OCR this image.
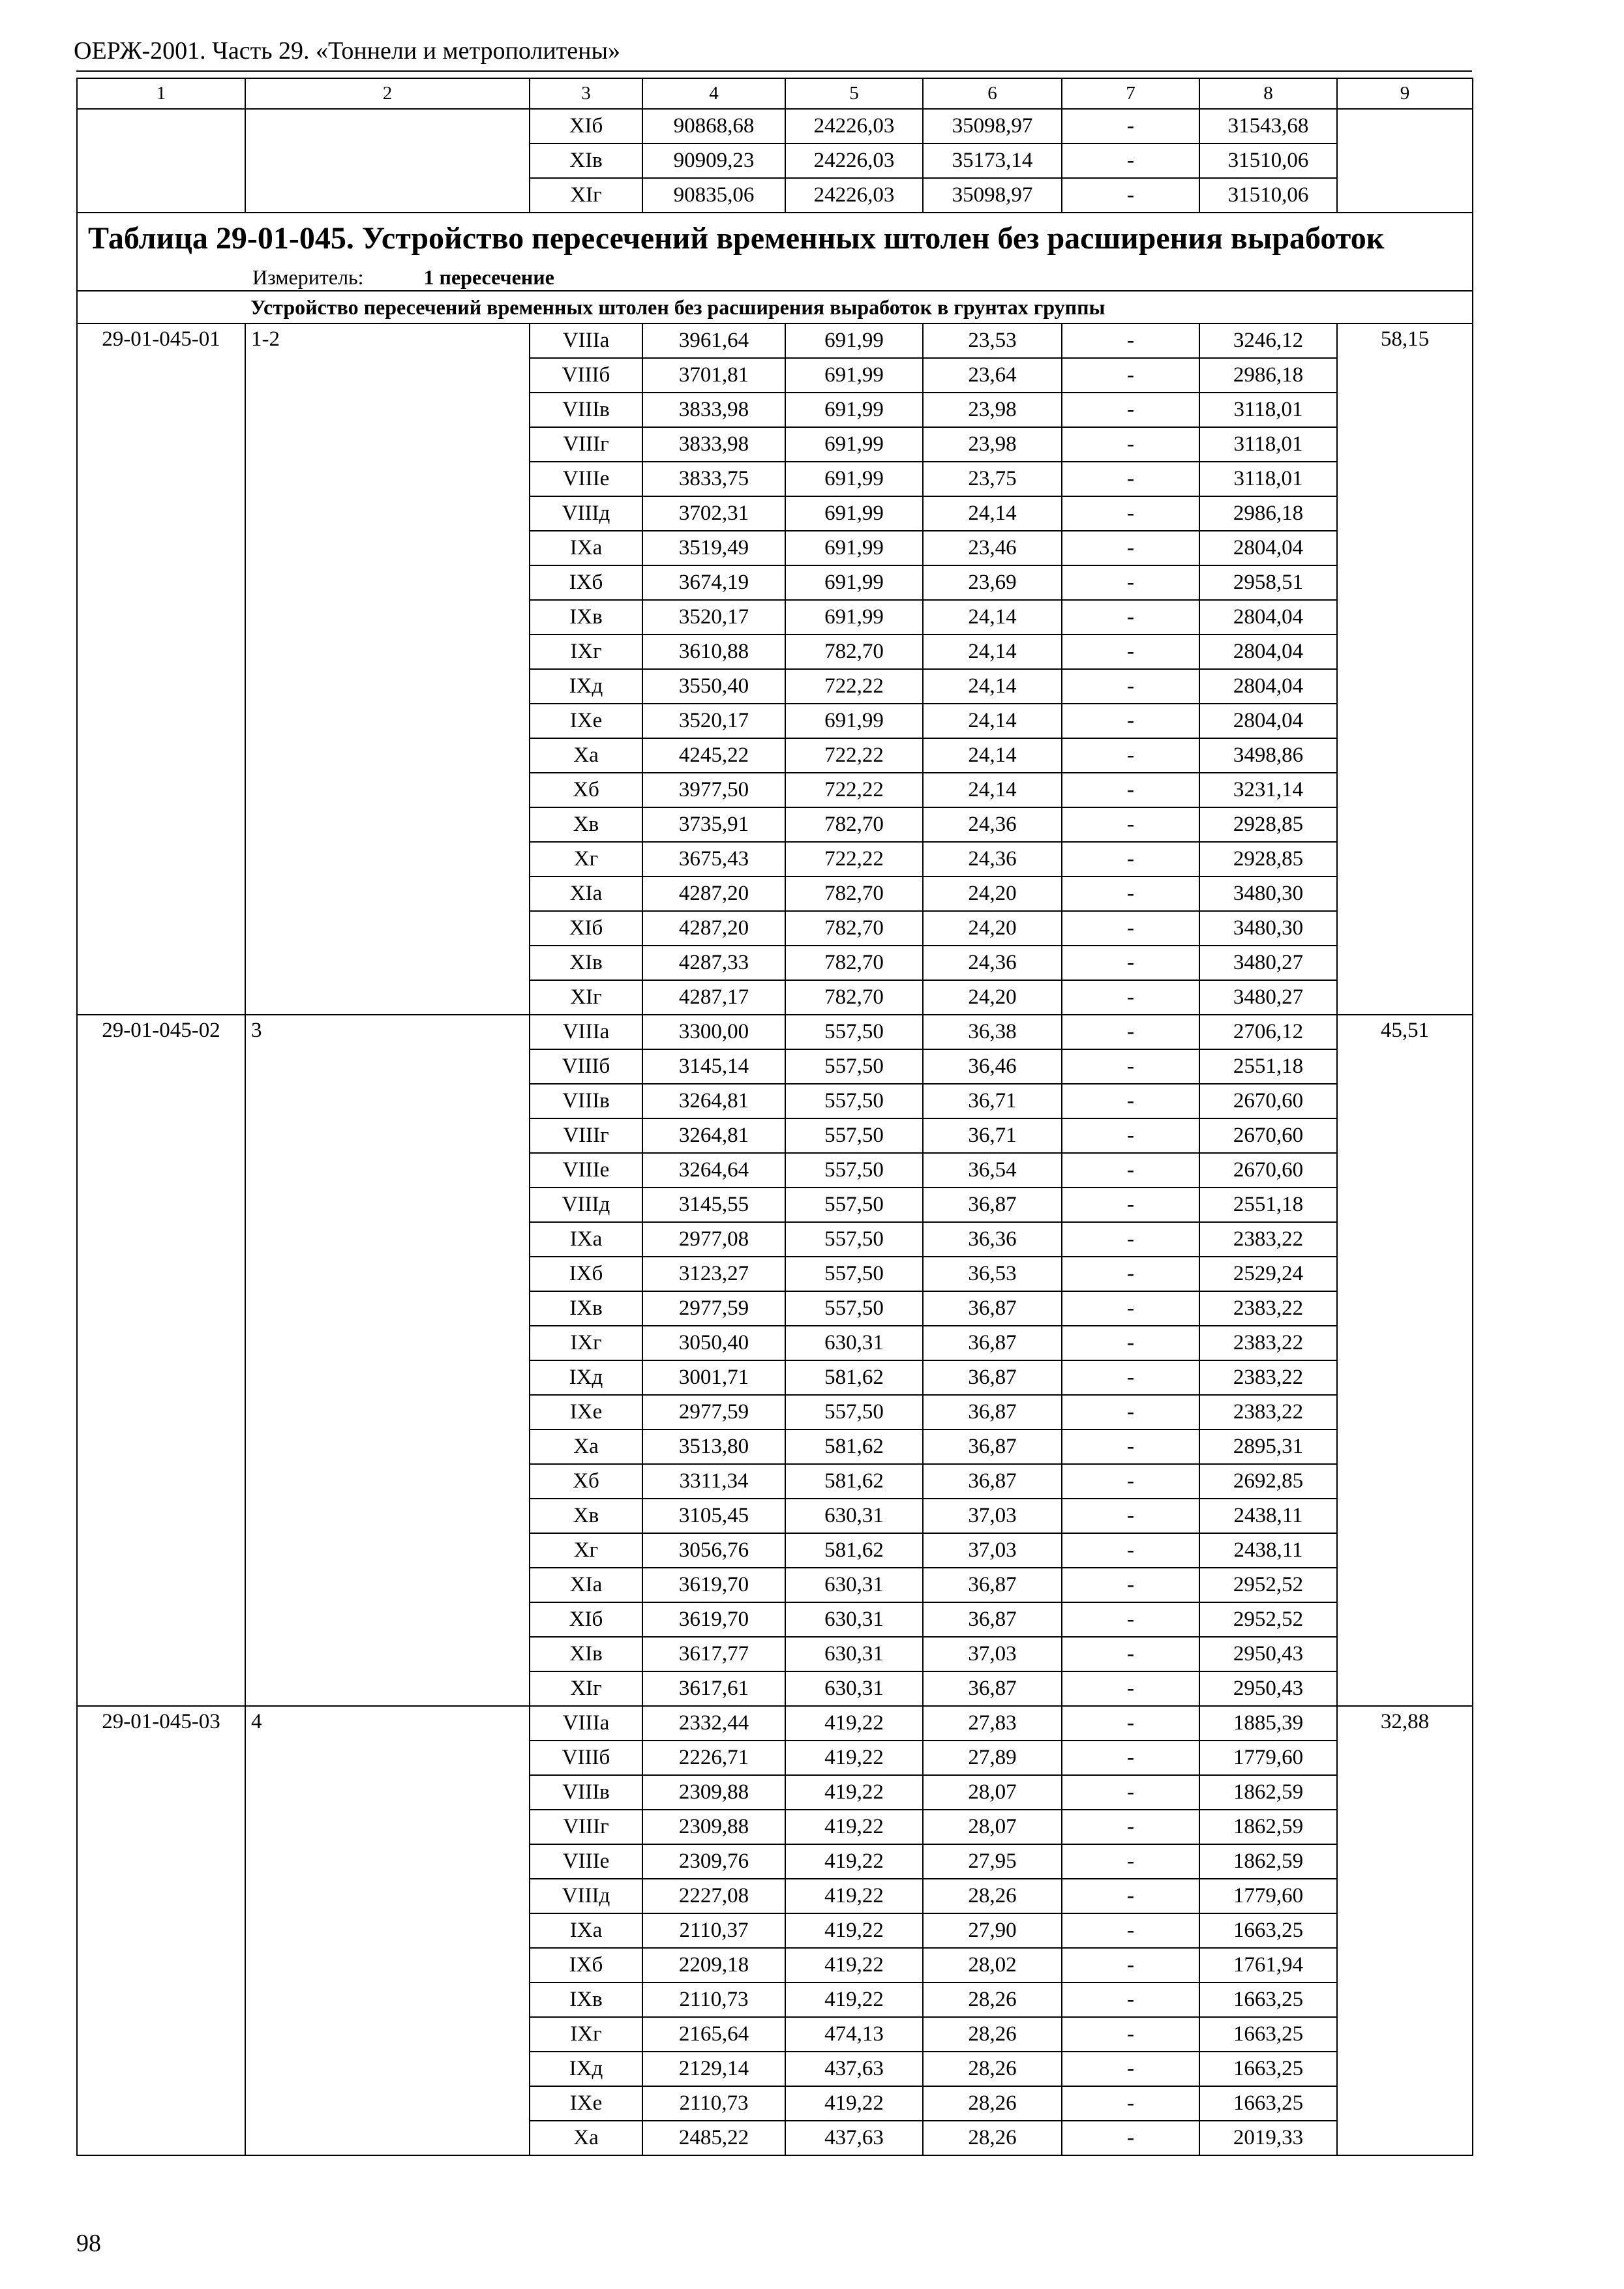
ОЕРЖ-2001. Часть 29. «Тоннели и метрополитены»
1	2	3	4	5	6	7	8	9
		XIб	90868,68	24226,03	35098,97	-	31543,68	
		XIв	90909,23	24226,03	35173,14	-	31510,06	
		XIг	90835,06	24226,03	35098,97	-	31510,06	
Таблица 29-01-045. Устройство пересечений временных штолен без расширения выработок								
Измеритель: 1 пересечение								
Устройство пересечений временных штолен без расширения выработок в грунтах группы								
29-01-045-01	1-2	VIIIа	3961,64	691,99	23,53	-	3246,12	58,15
		VIIIб	3701,81	691,99	23,64	-	2986,18	
		VIIIв	3833,98	691,99	23,98	-	3118,01	
		VIIIг	3833,98	691,99	23,98	-	3118,01	
		VIIIе	3833,75	691,99	23,75	-	3118,01	
		VIIIд	3702,31	691,99	24,14	-	2986,18	
		IXа	3519,49	691,99	23,46	-	2804,04	
		IXб	3674,19	691,99	23,69	-	2958,51	
		IXв	3520,17	691,99	24,14	-	2804,04	
		IXг	3610,88	782,70	24,14	-	2804,04	
		IXд	3550,40	722,22	24,14	-	2804,04	
		IXе	3520,17	691,99	24,14	-	2804,04	
		Xа	4245,22	722,22	24,14	-	3498,86	
		Xб	3977,50	722,22	24,14	-	3231,14	
		Xв	3735,91	782,70	24,36	-	2928,85	
		Xг	3675,43	722,22	24,36	-	2928,85	
		XIа	4287,20	782,70	24,20	-	3480,30	
		XIб	4287,20	782,70	24,20	-	3480,30	
		XIв	4287,33	782,70	24,36	-	3480,27	
		XIг	4287,17	782,70	24,20	-	3480,27	
29-01-045-02	3	VIIIа	3300,00	557,50	36,38	-	2706,12	45,51
		VIIIб	3145,14	557,50	36,46	-	2551,18	
		VIIIв	3264,81	557,50	36,71	-	2670,60	
		VIIIг	3264,81	557,50	36,71	-	2670,60	
		VIIIе	3264,64	557,50	36,54	-	2670,60	
		VIIIд	3145,55	557,50	36,87	-	2551,18	
		IXа	2977,08	557,50	36,36	-	2383,22	
		IXб	3123,27	557,50	36,53	-	2529,24	
		IXв	2977,59	557,50	36,87	-	2383,22	
		IXг	3050,40	630,31	36,87	-	2383,22	
		IXд	3001,71	581,62	36,87	-	2383,22	
		IXе	2977,59	557,50	36,87	-	2383,22	
		Xа	3513,80	581,62	36,87	-	2895,31	
		Xб	3311,34	581,62	36,87	-	2692,85	
		Xв	3105,45	630,31	37,03	-	2438,11	
		Xг	3056,76	581,62	37,03	-	2438,11	
		XIа	3619,70	630,31	36,87	-	2952,52	
		XIб	3619,70	630,31	36,87	-	2952,52	
		XIв	3617,77	630,31	37,03	-	2950,43	
		XIг	3617,61	630,31	36,87	-	2950,43	
29-01-045-03	4	VIIIа	2332,44	419,22	27,83	-	1885,39	32,88
		VIIIб	2226,71	419,22	27,89	-	1779,60	
		VIIIв	2309,88	419,22	28,07	-	1862,59	
		VIIIг	2309,88	419,22	28,07	-	1862,59	
		VIIIе	2309,76	419,22	27,95	-	1862,59	
		VIIIд	2227,08	419,22	28,26	-	1779,60	
		IXа	2110,37	419,22	27,90	-	1663,25	
		IXб	2209,18	419,22	28,02	-	1761,94	
		IXв	2110,73	419,22	28,26	-	1663,25	
		IXг	2165,64	474,13	28,26	-	1663,25	
		IXд	2129,14	437,63	28,26	-	1663,25	
		IXе	2110,73	419,22	28,26	-	1663,25	
		Xа	2485,22	437,63	28,26	-	2019,33	
98
